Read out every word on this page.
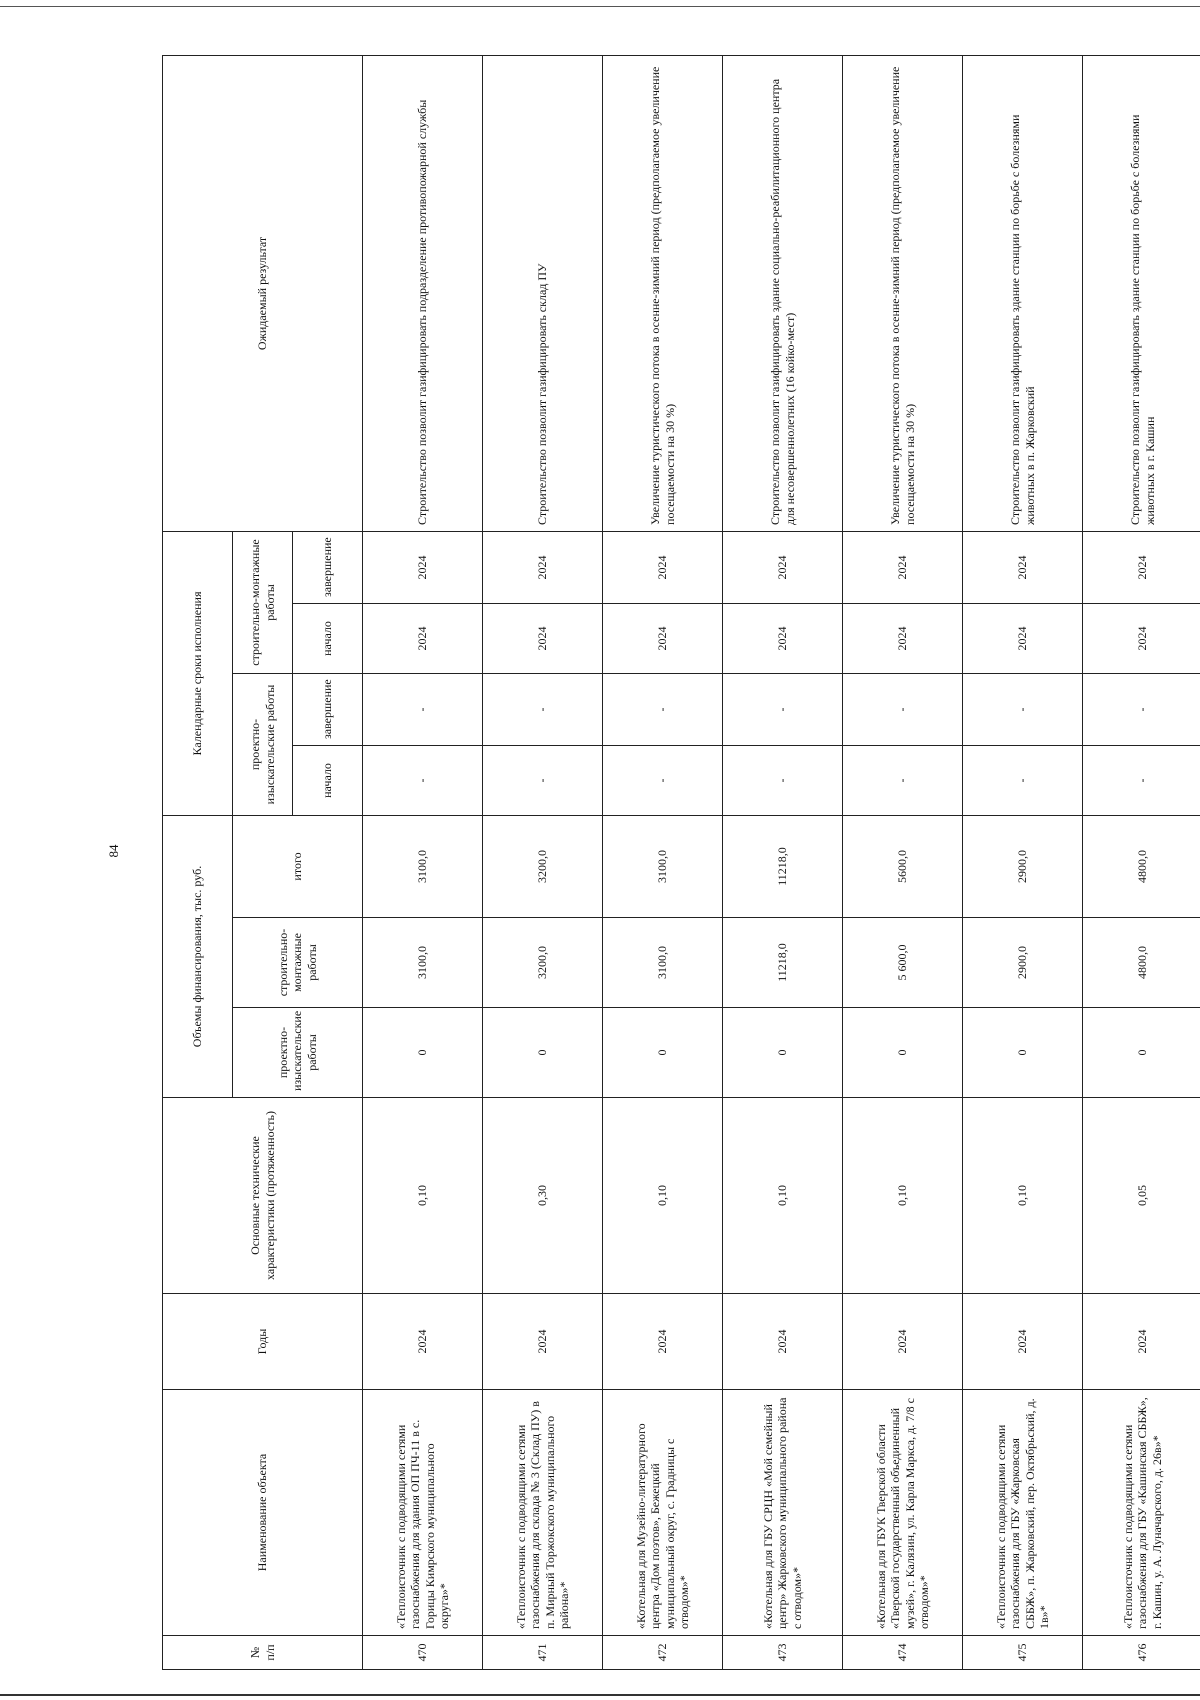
84
№ п/п	Наименование объекта	Годы	Основные технические характеристики (протяженность)	Объемы финансирования, тыс. руб.			Календарные сроки исполнения				Ожидаемый результат
				проектно-изыскательские работы	строительно-монтажные работы	итого	проектно-изыскательские работы		строительно-монтажные работы		
							начало	завершение	начало	завершение	
470	«Теплоисточник с подводящими сетями газоснабжения для здания ОП ПЧ-11 в с. Горицы Кимрского муниципального округа»*	2024	0,10	0	3100,0	3100,0	-	-	2024	2024	Строительство позволит газифицировать подразделение противопожарной службы
471	«Теплоисточник с подводящими сетями газоснабжения для склада № 3 (Склад ПУ) в п. Мирный Торжокского муниципального района»*	2024	0,30	0	3200,0	3200,0	-	-	2024	2024	Строительство позволит газифицировать склад ПУ
472	«Котельная для Музейно-литературного центра «Дом поэтов», Бежецкий муниципальный округ, с. Градницы с отводом»*	2024	0,10	0	3100,0	3100,0	-	-	2024	2024	Увеличение туристического потока в осенне-зимний период (предполагаемое увеличение посещаемости на 30 %)
473	«Котельная для ГБУ СРЦН «Мой семейный центр» Жарковского муниципального района с отводом»*	2024	0,10	0	11218,0	11218,0	-	-	2024	2024	Строительство позволит газифицировать здание социально-реабилитационного центра для несовершеннолетних (16 койко-мест)
474	«Котельная для ГБУК Тверской области «Тверской государственный объединенный музей», г. Калязин, ул. Карла Маркса, д. 7/8 с отводом»*	2024	0,10	0	5 600,0	5600,0	-	-	2024	2024	Увеличение туристического потока в осенне-зимний период (предполагаемое увеличение посещаемости на 30 %)
475	«Теплоисточник с подводящими сетями газоснабжения для ГБУ «Жарковская СББЖ», п. Жарковский, пер. Октябрьский, д. 1в»*	2024	0,10	0	2900,0	2900,0	-	-	2024	2024	Строительство позволит газифицировать здание станции по борьбе с болезнями животных в п. Жарковский
476	«Теплоисточник с подводящими сетями газоснабжения для ГБУ «Кашинская СББЖ», г. Кашин, у. А. Луначарского, д. 26в»*	2024	0,05	0	4800,0	4800,0	-	-	2024	2024	Строительство позволит газифицировать здание станции по борьбе с болезнями животных в г. Кашин
